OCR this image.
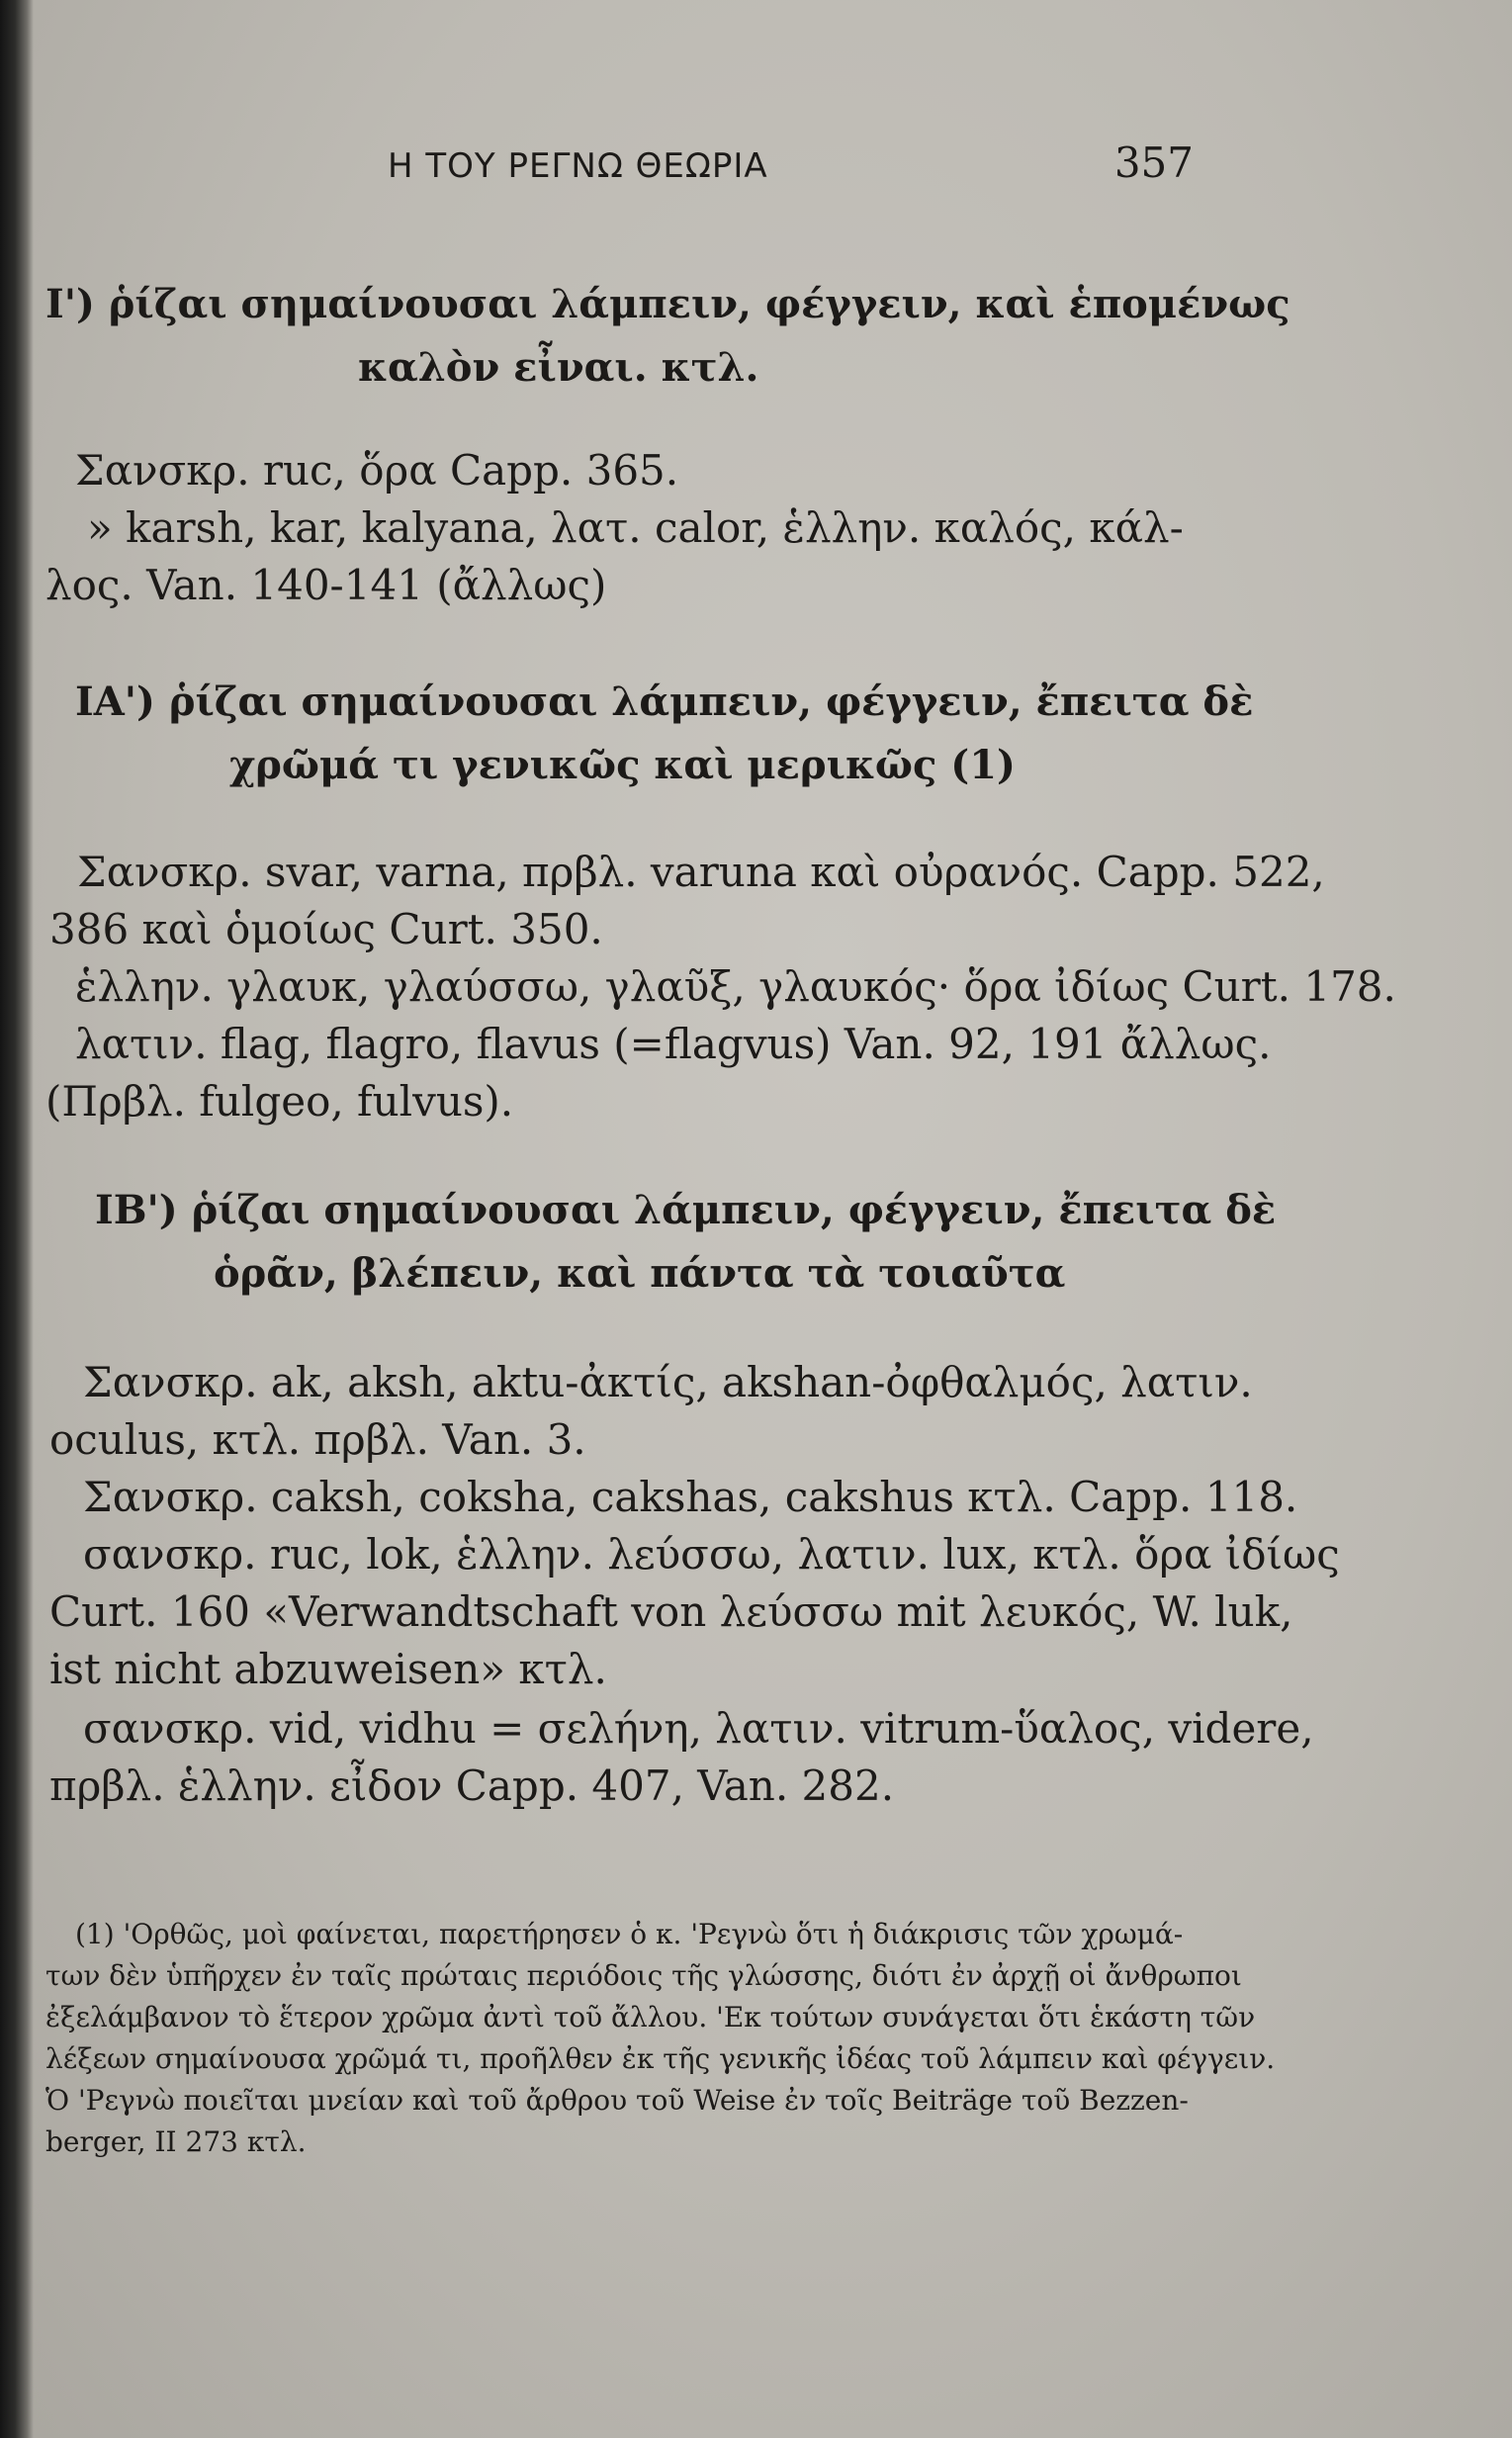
Η ΤΟΥ ΡΕΓΝΩ ΘΕΩΡΙΑ	357
Ι') ῥίζαι σημαίνουσαι λάμπειν, φέγγειν, καὶ ἑπομένως
καλὸν εἶναι. κτλ.
Σανσκρ. ruc, ὅρα Capp. 365.
» karsh, kar, kalyana, λατ. calor, ἑλλην. καλός, κάλ-
λος. Van. 140-141 (ἄλλως)
ΙΑ') ῥίζαι σημαίνουσαι λάμπειν, φέγγειν, ἔπειτα δὲ
χρῶμά τι γενικῶς καὶ μερικῶς (1)
Σανσκρ. svar, varna, πρβλ. varuna καὶ οὐρανός. Capp. 522,
386 καὶ ὁμοίως Curt. 350.
ἑλλην. γλαυκ, γλαύσσω, γλαῦξ, γλαυκός· ὅρα ἰδίως Curt. 178.
λατιν. flag, flagro, flavus (=flagvus) Van. 92, 191 ἄλλως.
(Πρβλ. fulgeo, fulvus).
ΙΒ') ῥίζαι σημαίνουσαι λάμπειν, φέγγειν, ἔπειτα δὲ
ὁρᾶν, βλέπειν, καὶ πάντα τὰ τοιαῦτα
Σανσκρ. ak, aksh, aktu-ἀκτίς, akshan-ὀφθαλμός, λατιν.
oculus, κτλ. πρβλ. Van. 3.
Σανσκρ. caksh, coksha, cakshas, cakshus κτλ. Capp. 118.
σανσκρ. ruc, lok, ἑλλην. λεύσσω, λατιν. lux, κτλ. ὅρα ἰδίως
Curt. 160 «Verwandtschaft von λεύσσω mit λευκός, W. luk,
ist nicht abzuweisen» κτλ.
σανσκρ. vid, vidhu = σελήνη, λατιν. vitrum-ὕαλος, videre,
πρβλ. ἑλλην. εἶδον Capp. 407, Van. 282.
(1) 'Ορθῶς, μοὶ φαίνεται, παρετήρησεν ὁ κ. 'Ρεγνὼ ὅτι ἡ διάκρισις τῶν χρωμά-
των δὲν ὑπῆρχεν ἐν ταῖς πρώταις περιόδοις τῆς γλώσσης, διότι ἐν ἀρχῇ οἱ ἄνθρωποι
ἐξελάμβανον τὸ ἕτερον χρῶμα ἀντὶ τοῦ ἄλλου. 'Εκ τούτων συνάγεται ὅτι ἑκάστη τῶν
λέξεων σημαίνουσα χρῶμά τι, προῆλθεν ἐκ τῆς γενικῆς ἰδέας τοῦ λάμπειν καὶ φέγγειν.
Ὁ 'Ρεγνὼ ποιεῖται μνείαν καὶ τοῦ ἄρθρου τοῦ Weise ἐν τοῖς Beiträge τοῦ Bezzen-
berger, II 273 κτλ.
